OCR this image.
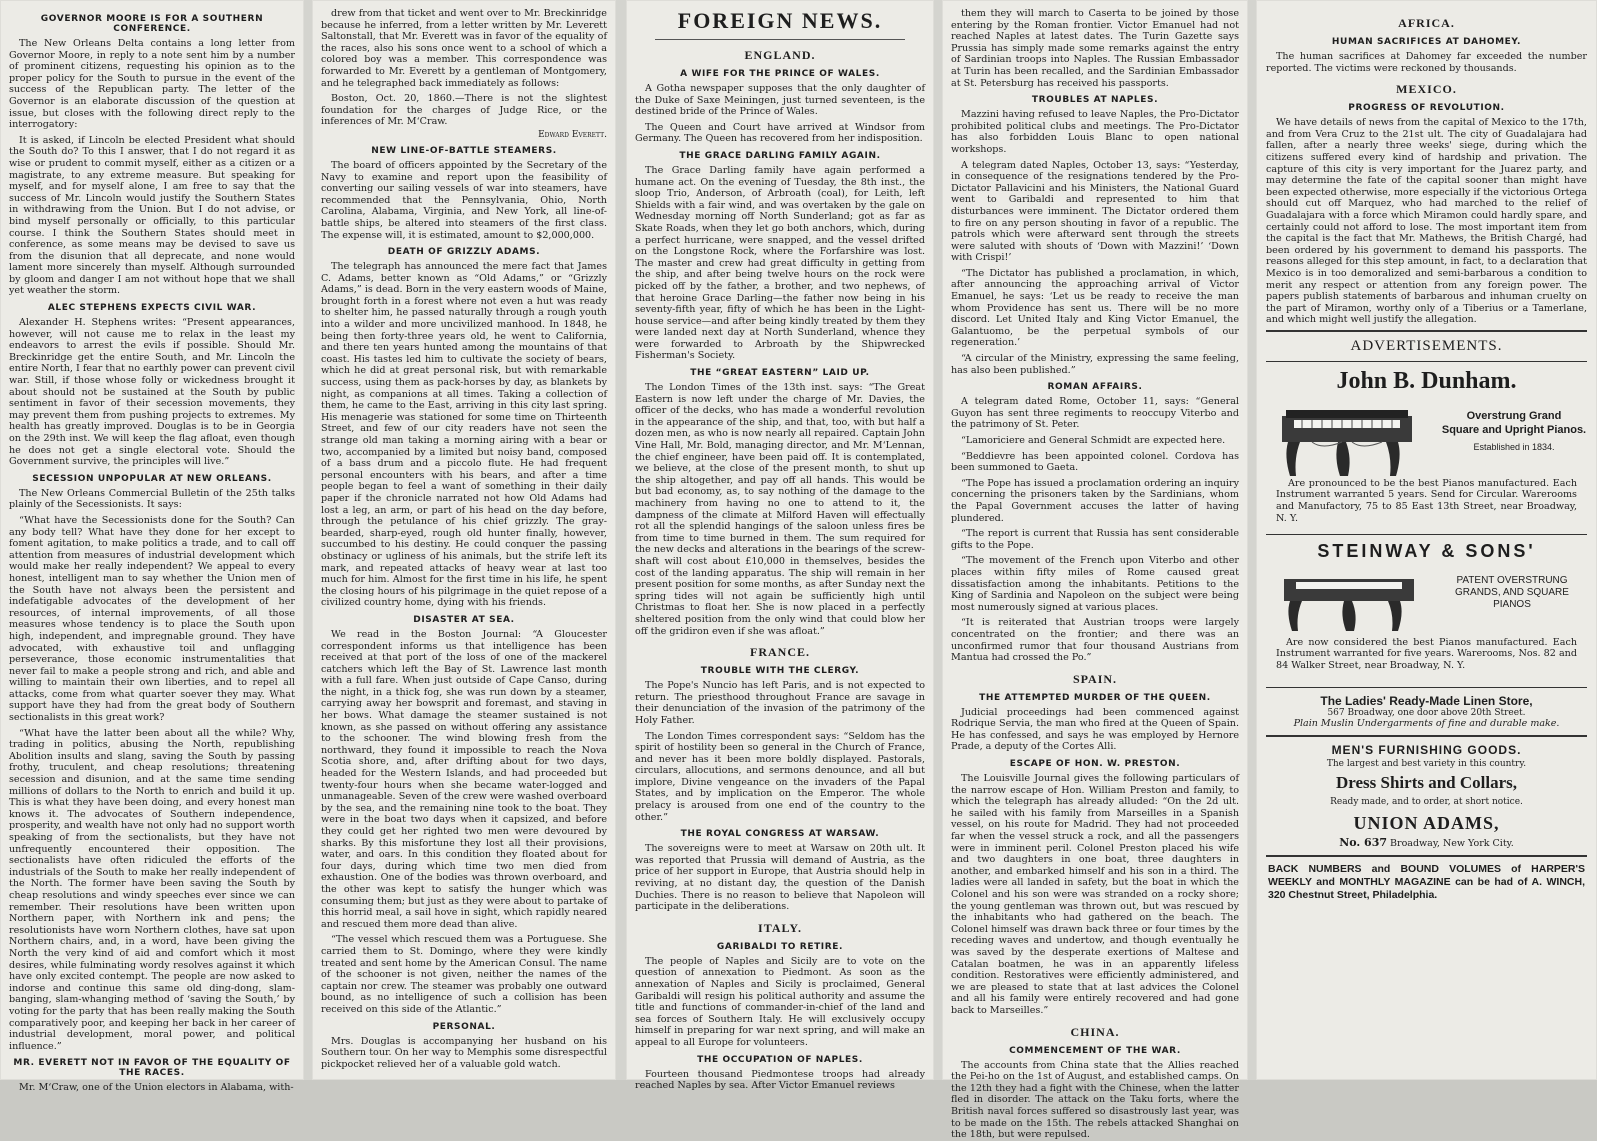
GOVERNOR MOORE IS FOR A SOUTHERN CONFERENCE.

The New Orleans Delta contains a long letter from Governor Moore, in reply to a note sent him by a number of prominent citizens, requesting his opinion as to the proper policy for the South to pursue in the event of the success of the Republican party. The letter of the Governor is an elaborate discussion of the question at issue, but closes with the following direct reply to the interrogatory:

It is asked, if Lincoln be elected President what should the South do? To this I answer, that I do not regard it as wise or prudent to commit myself, either as a citizen or a magistrate, to any extreme measure. But speaking for myself, and for myself alone, I am free to say that the success of Mr. Lincoln would justify the Southern States in withdrawing from the Union. But I do not advise, or bind myself personally or officially, to this particular course. I think the Southern States should meet in conference, as some means may be devised to save us from the disunion that all deprecate, and none would lament more sincerely than myself. Although surrounded by gloom and danger I am not without hope that we shall yet weather the storm.

ALEC STEPHENS EXPECTS CIVIL WAR.

Alexander H. Stephens writes: “Present appearances, however, will not cause me to relax in the least my endeavors to arrest the evils if possible. Should Mr. Breckinridge get the entire South, and Mr. Lincoln the entire North, I fear that no earthly power can prevent civil war. Still, if those whose folly or wickedness brought it about should not be sustained at the South by public sentiment in favor of their secession movements, they may prevent them from pushing projects to extremes. My health has greatly improved. Douglas is to be in Georgia on the 29th inst. We will keep the flag afloat, even though he does not get a single electoral vote. Should the Government survive, the principles will live.”

SECESSION UNPOPULAR AT NEW ORLEANS.

The New Orleans Commercial Bulletin of the 25th talks plainly of the Secessionists. It says:

“What have the Secessionists done for the South? Can any body tell? What have they done for her except to foment agitation, to make politics a trade, and to call off attention from measures of industrial development which would make her really independent? We appeal to every honest, intelligent man to say whether the Union men of the South have not always been the persistent and indefatigable advocates of the development of her resources, of internal improvements, of all those measures whose tendency is to place the South upon high, independent, and impregnable ground. They have advocated, with exhaustive toil and unflagging perseverance, those economic instrumentalities that never fail to make a people strong and rich, and able and willing to maintain their own liberties, and to repel all attacks, come from what quarter soever they may. What support have they had from the great body of Southern sectionalists in this great work?

“What have the latter been about all the while? Why, trading in politics, abusing the North, republishing Abolition insults and slang, saving the South by passing frothy, truculent, and cheap resolutions; threatening secession and disunion, and at the same time sending millions of dollars to the North to enrich and build it up. This is what they have been doing, and every honest man knows it. The advocates of Southern independence, prosperity, and wealth have not only had no support worth speaking of from the sectionalists, but they have not unfrequently encountered their opposition. The sectionalists have often ridiculed the efforts of the industrials of the South to make her really independent of the North. The former have been saving the South by cheap resolutions and windy speeches ever since we can remember. Their resolutions have been written upon Northern paper, with Northern ink and pens; the resolutionists have worn Northern clothes, have sat upon Northern chairs, and, in a word, have been giving the North the very kind of aid and comfort which it most desires, while fulminating wordy resolves against it which have only excited contempt. The people are now asked to indorse and continue this same old ding-dong, slam-banging, slam-whanging method of ‘saving the South,’ by voting for the party that has been really making the South comparatively poor, and keeping her back in her career of industrial development, moral power, and political influence.”

MR. EVERETT NOT IN FAVOR OF THE EQUALITY OF THE RACES.

Mr. M‘Craw, one of the Union electors in Alabama, with-

drew from that ticket and went over to Mr. Breckinridge because he inferred, from a letter written by Mr. Leverett Saltonstall, that Mr. Everett was in favor of the equality of the races, also his sons once went to a school of which a colored boy was a member. This correspondence was forwarded to Mr. Everett by a gentleman of Montgomery, and he telegraphed back immediately as follows:

Boston, Oct. 20, 1860.—There is not the slightest foundation for the charges of Judge Rice, or the inferences of Mr. M‘Craw.

Edward Everett.
NEW LINE-OF-BATTLE STEAMERS.

The board of officers appointed by the Secretary of the Navy to examine and report upon the feasibility of converting our sailing vessels of war into steamers, have recommended that the Pennsylvania, Ohio, North Carolina, Alabama, Virginia, and New York, all line-of-battle ships, be altered into steamers of the first class. The expense will, it is estimated, amount to $2,000,000.

DEATH OF GRIZZLY ADAMS.

The telegraph has announced the mere fact that James C. Adams, better known as “Old Adams,” or “Grizzly Adams,” is dead. Born in the very eastern woods of Maine, brought forth in a forest where not even a hut was ready to shelter him, he passed naturally through a rough youth into a wilder and more uncivilized manhood. In 1848, he being then forty-three years old, he went to California, and there ten years hunted among the mountains of that coast. His tastes led him to cultivate the society of bears, which he did at great personal risk, but with remarkable success, using them as pack-horses by day, as blankets by night, as companions at all times. Taking a collection of them, he came to the East, arriving in this city last spring. His menagerie was stationed for some time on Thirteenth Street, and few of our city readers have not seen the strange old man taking a morning airing with a bear or two, accompanied by a limited but noisy band, composed of a bass drum and a piccolo flute. He had frequent personal encounters with his bears, and after a time people began to feel a want of something in their daily paper if the chronicle narrated not how Old Adams had lost a leg, an arm, or part of his head on the day before, through the petulance of his chief grizzly. The gray-bearded, sharp-eyed, rough old hunter finally, however, succumbed to his destiny. He could conquer the passing obstinacy or ugliness of his animals, but the strife left its mark, and repeated attacks of heavy wear at last too much for him. Almost for the first time in his life, he spent the closing hours of his pilgrimage in the quiet repose of a civilized country home, dying with his friends.

DISASTER AT SEA.

We read in the Boston Journal: “A Gloucester correspondent informs us that intelligence has been received at that port of the loss of one of the mackerel catchers which left the Bay of St. Lawrence last month with a full fare. When just outside of Cape Canso, during the night, in a thick fog, she was run down by a steamer, carrying away her bowsprit and foremast, and staving in her bows. What damage the steamer sustained is not known, as she passed on without offering any assistance to the schooner. The wind blowing fresh from the northward, they found it impossible to reach the Nova Scotia shore, and, after drifting about for two days, headed for the Western Islands, and had proceeded but twenty-four hours when she became water-logged and unmanageable. Seven of the crew were washed overboard by the sea, and the remaining nine took to the boat. They were in the boat two days when it capsized, and before they could get her righted two men were devoured by sharks. By this misfortune they lost all their provisions, water, and oars. In this condition they floated about for four days, during which time two men died from exhaustion. One of the bodies was thrown overboard, and the other was kept to satisfy the hunger which was consuming them; but just as they were about to partake of this horrid meal, a sail hove in sight, which rapidly neared and rescued them more dead than alive.

“The vessel which rescued them was a Portuguese. She carried them to St. Domingo, where they were kindly treated and sent home by the American Consul. The name of the schooner is not given, neither the names of the captain nor crew. The steamer was probably one outward bound, as no intelligence of such a collision has been received on this side of the Atlantic.”

PERSONAL.

Mrs. Douglas is accompanying her husband on his Southern tour. On her way to Memphis some disrespectful pickpocket relieved her of a valuable gold watch.

FOREIGN NEWS.
ENGLAND.
A WIFE FOR THE PRINCE OF WALES.

A Gotha newspaper supposes that the only daughter of the Duke of Saxe Meiningen, just turned seventeen, is the destined bride of the Prince of Wales.

The Queen and Court have arrived at Windsor from Germany. The Queen has recovered from her indisposition.

THE GRACE DARLING FAMILY AGAIN.

The Grace Darling family have again performed a humane act. On the evening of Tuesday, the 8th inst., the sloop Trio, Anderson, of Arbroath (coal), for Leith, left Shields with a fair wind, and was overtaken by the gale on Wednesday morning off North Sunderland; got as far as Skate Roads, when they let go both anchors, which, during a perfect hurricane, were snapped, and the vessel drifted on the Longstone Rock, where the Forfarshire was lost. The master and crew had great difficulty in getting from the ship, and after being twelve hours on the rock were picked off by the father, a brother, and two nephews, of that heroine Grace Darling—the father now being in his seventy-fifth year, fifty of which he has been in the Light-house service—and after being kindly treated by them they were landed next day at North Sunderland, whence they were forwarded to Arbroath by the Shipwrecked Fisherman's Society.

THE “GREAT EASTERN” LAID UP.

The London Times of the 13th inst. says: “The Great Eastern is now left under the charge of Mr. Davies, the officer of the decks, who has made a wonderful revolution in the appearance of the ship, and that, too, with but half a dozen men, as who is now nearly all repaired. Captain John Vine Hall, Mr. Bold, managing director, and Mr. M‘Lennan, the chief engineer, have been paid off. It is contemplated, we believe, at the close of the present month, to shut up the ship altogether, and pay off all hands. This would be but bad economy, as, to say nothing of the damage to the machinery from having no one to attend to it, the dampness of the climate at Milford Haven will effectually rot all the splendid hangings of the saloon unless fires be from time to time burned in them. The sum required for the new decks and alterations in the bearings of the screw-shaft will cost about £10,000 in themselves, besides the cost of the landing apparatus. The ship will remain in her present position for some months, as after Sunday next the spring tides will not again be sufficiently high until Christmas to float her. She is now placed in a perfectly sheltered position from the only wind that could blow her off the gridiron even if she was afloat.”

FRANCE.
TROUBLE WITH THE CLERGY.

The Pope's Nuncio has left Paris, and is not expected to return. The priesthood throughout France are savage in their denunciation of the invasion of the patrimony of the Holy Father.

The London Times correspondent says: “Seldom has the spirit of hostility been so general in the Church of France, and never has it been more boldly displayed. Pastorals, circulars, allocutions, and sermons denounce, and all but implore, Divine vengeance on the invaders of the Papal States, and by implication on the Emperor. The whole prelacy is aroused from one end of the country to the other.”

THE ROYAL CONGRESS AT WARSAW.

The sovereigns were to meet at Warsaw on 20th ult. It was reported that Prussia will demand of Austria, as the price of her support in Europe, that Austria should help in reviving, at no distant day, the question of the Danish Duchies. There is no reason to believe that Napoleon will participate in the deliberations.

ITALY.
GARIBALDI TO RETIRE.

The people of Naples and Sicily are to vote on the question of annexation to Piedmont. As soon as the annexation of Naples and Sicily is proclaimed, General Garibaldi will resign his political authority and assume the title and functions of commander-in-chief of the land and sea forces of Southern Italy. He will exclusively occupy himself in preparing for war next spring, and will make an appeal to all Europe for volunteers.

THE OCCUPATION OF NAPLES.

Fourteen thousand Piedmontese troops had already reached Naples by sea. After Victor Emanuel reviews

them they will march to Caserta to be joined by those entering by the Roman frontier. Victor Emanuel had not reached Naples at latest dates. The Turin Gazette says Prussia has simply made some remarks against the entry of Sardinian troops into Naples. The Russian Embassador at Turin has been recalled, and the Sardinian Embassador at St. Petersburg has received his passports.

TROUBLES AT NAPLES.

Mazzini having refused to leave Naples, the Pro-Dictator prohibited political clubs and meetings. The Pro-Dictator has also forbidden Louis Blanc to open national workshops.

A telegram dated Naples, October 13, says: “Yesterday, in consequence of the resignations tendered by the Pro-Dictator Pallavicini and his Ministers, the National Guard went to Garibaldi and represented to him that disturbances were imminent. The Dictator ordered them to fire on any person shouting in favor of a republic. The patrols which were afterward sent through the streets were saluted with shouts of ‘Down with Mazzini!’ ‘Down with Crispi!’

“The Dictator has published a proclamation, in which, after announcing the approaching arrival of Victor Emanuel, he says: ‘Let us be ready to receive the man whom Providence has sent us. There will be no more discord. Let United Italy and King Victor Emanuel, the Galantuomo, be the perpetual symbols of our regeneration.’

“A circular of the Ministry, expressing the same feeling, has also been published.”

ROMAN AFFAIRS.

A telegram dated Rome, October 11, says: “General Guyon has sent three regiments to reoccupy Viterbo and the patrimony of St. Peter.

“Lamoriciere and General Schmidt are expected here.

“Beddievre has been appointed colonel. Cordova has been summoned to Gaeta.

“The Pope has issued a proclamation ordering an inquiry concerning the prisoners taken by the Sardinians, whom the Papal Government accuses the latter of having plundered.

“The report is current that Russia has sent considerable gifts to the Pope.

“The movement of the French upon Viterbo and other places within fifty miles of Rome caused great dissatisfaction among the inhabitants. Petitions to the King of Sardinia and Napoleon on the subject were being most numerously signed at various places.

“It is reiterated that Austrian troops were largely concentrated on the frontier; and there was an unconfirmed rumor that four thousand Austrians from Mantua had crossed the Po.”

SPAIN.
THE ATTEMPTED MURDER OF THE QUEEN.

Judicial proceedings had been commenced against Rodrique Servia, the man who fired at the Queen of Spain. He has confessed, and says he was employed by Hernore Prade, a deputy of the Cortes Alli.

ESCAPE OF HON. W. PRESTON.

The Louisville Journal gives the following particulars of the narrow escape of Hon. William Preston and family, to which the telegraph has already alluded: “On the 2d ult. he sailed with his family from Marseilles in a Spanish vessel, on his route for Madrid. They had not proceeded far when the vessel struck a rock, and all the passengers were in imminent peril. Colonel Preston placed his wife and two daughters in one boat, three daughters in another, and embarked himself and his son in a third. The ladies were all landed in safety, but the boat in which the Colonel and his son were was stranded on a rocky shore; the young gentleman was thrown out, but was rescued by the inhabitants who had gathered on the beach. The Colonel himself was drawn back three or four times by the receding waves and undertow, and though eventually he was saved by the desperate exertions of Maltese and Catalan boatmen, he was in an apparently lifeless condition. Restoratives were efficiently administered, and we are pleased to state that at last advices the Colonel and all his family were entirely recovered and had gone back to Marseilles.”

CHINA.
COMMENCEMENT OF THE WAR.

The accounts from China state that the Allies reached the Pei-ho on the 1st of August, and established camps. On the 12th they had a fight with the Chinese, when the latter fled in disorder. The attack on the Taku forts, where the British naval forces suffered so disastrously last year, was to be made on the 15th. The rebels attacked Shanghai on the 18th, but were repulsed.

AFRICA.
HUMAN SACRIFICES AT DAHOMEY.

The human sacrifices at Dahomey far exceeded the number reported. The victims were reckoned by thousands.

MEXICO.
PROGRESS OF REVOLUTION.

We have details of news from the capital of Mexico to the 17th, and from Vera Cruz to the 21st ult. The city of Guadalajara had fallen, after a nearly three weeks' siege, during which the citizens suffered every kind of hardship and privation. The capture of this city is very important for the Juarez party, and may determine the fate of the capital sooner than might have been expected otherwise, more especially if the victorious Ortega should cut off Marquez, who had marched to the relief of Guadalajara with a force which Miramon could hardly spare, and certainly could not afford to lose. The most important item from the capital is the fact that Mr. Mathews, the British Chargé, had been ordered by his government to demand his passports. The reasons alleged for this step amount, in fact, to a declaration that Mexico is in too demoralized and semi-barbarous a condition to merit any respect or attention from any foreign power. The papers publish statements of barbarous and inhuman cruelty on the part of Miramon, worthy only of a Tiberius or a Tamerlane, and which might well justify the allegation.

ADVERTISEMENTS.
John B. Dunham.
Overstrung Grand
Square and Upright Pianos.
Established in 1834.

Are pronounced to be the best Pianos manufactured. Each Instrument warranted 5 years. Send for Circular. Warerooms and Manufactory, 75 to 85 East 13th Street, near Broadway, N. Y.

STEINWAY & SONS'
PATENT OVERSTRUNG GRANDS, AND SQUARE PIANOS

Are now considered the best Pianos manufactured. Each Instrument warranted for five years. Warerooms, Nos. 82 and 84 Walker Street, near Broadway, N. Y.

The Ladies' Ready-Made Linen Store,
567 Broadway, one door above 20th Street.
Plain Muslin Undergarments of fine and durable make.
MEN'S FURNISHING GOODS.
The largest and best variety in this country.
Dress Shirts and Collars,
Ready made, and to order, at short notice.
UNION ADAMS,
No. 637 Broadway, New York City.

BACK NUMBERS and BOUND VOLUMES of HARPER'S WEEKLY and MONTHLY MAGAZINE can be had of A. WINCH, 320 Chestnut Street, Philadelphia.
